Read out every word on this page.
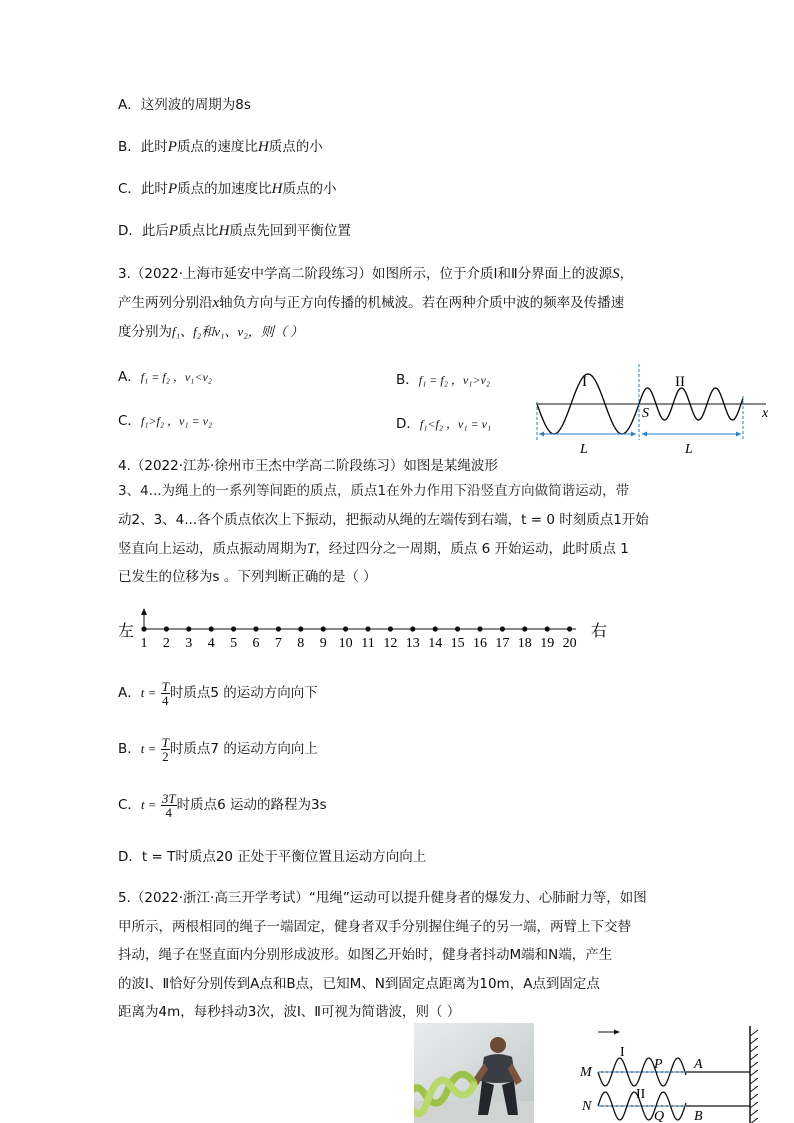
A．这列波的周期为8s
B．此时P质点的速度比H质点的小
C．此时P质点的加速度比H质点的小
D．此后P质点比H质点先回到平衡位置
3.（2022·上海市延安中学高二阶段练习）如图所示，位于介质Ⅰ和Ⅱ分界面上的波源S，
产生两列分别沿x轴负方向与正方向传播的机械波。若在两种介质中波的频率及传播速
度分别为f₁、f₂和v₁、v₂，则（ ）
A．f₁ = f₂ ，v₁<v₂	B．f₁ = f₂ ，v₁>v₂
C．f₁>f₂ ，v₁ = v₂	D．f₁<f₂ ，v₁ = v₁
I	II
S	x
L	L
4.（2022·江苏·徐州市王杰中学高二阶段练习）如图是某绳波形
3、4...为绳上的一系列等间距的质点，质点1在外力作用下沿竖直方向做简谐运动，带
动2、3、4...各个质点依次上下振动，把振动从绳的左端传到右端，t = 0 时刻质点1开始
竖直向上运动，质点振动周期为T，经过四分之一周期，质点 6 开始运动，此时质点 1
已发生的位移为s 。下列判断正确的是（ ）
左	右
1 2 3 4 5 6 7 8 9 10 11 12 13 14 15 16 17 18 19 20
A．$t = \frac{T}{4}$ 时质点5 的运动方向向下
B．$t = \frac{T}{2}$ 时质点7 的运动方向向上
C．$t = \frac{3T}{4}$ 时质点6 运动的路程为3s
D．t = T时质点20 正处于平衡位置且运动方向向上
5.（2022·浙江·高三开学考试）“甩绳”运动可以提升健身者的爆发力、心肺耐力等，如图
甲所示，两根相同的绳子一端固定，健身者双手分别握住绳子的另一端，两臂上下交替
抖动，绳子在竖直面内分别形成波形。如图乙开始时，健身者抖动M端和N端，产生
的波Ⅰ、Ⅱ恰好分别传到A点和B点，已知M、N到固定点距离为10m，A点到固定点
距离为4m，每秒抖动3次，波Ⅰ、Ⅱ可视为简谐波，则（ ）
M
N
I
II
P
Q
A
B
